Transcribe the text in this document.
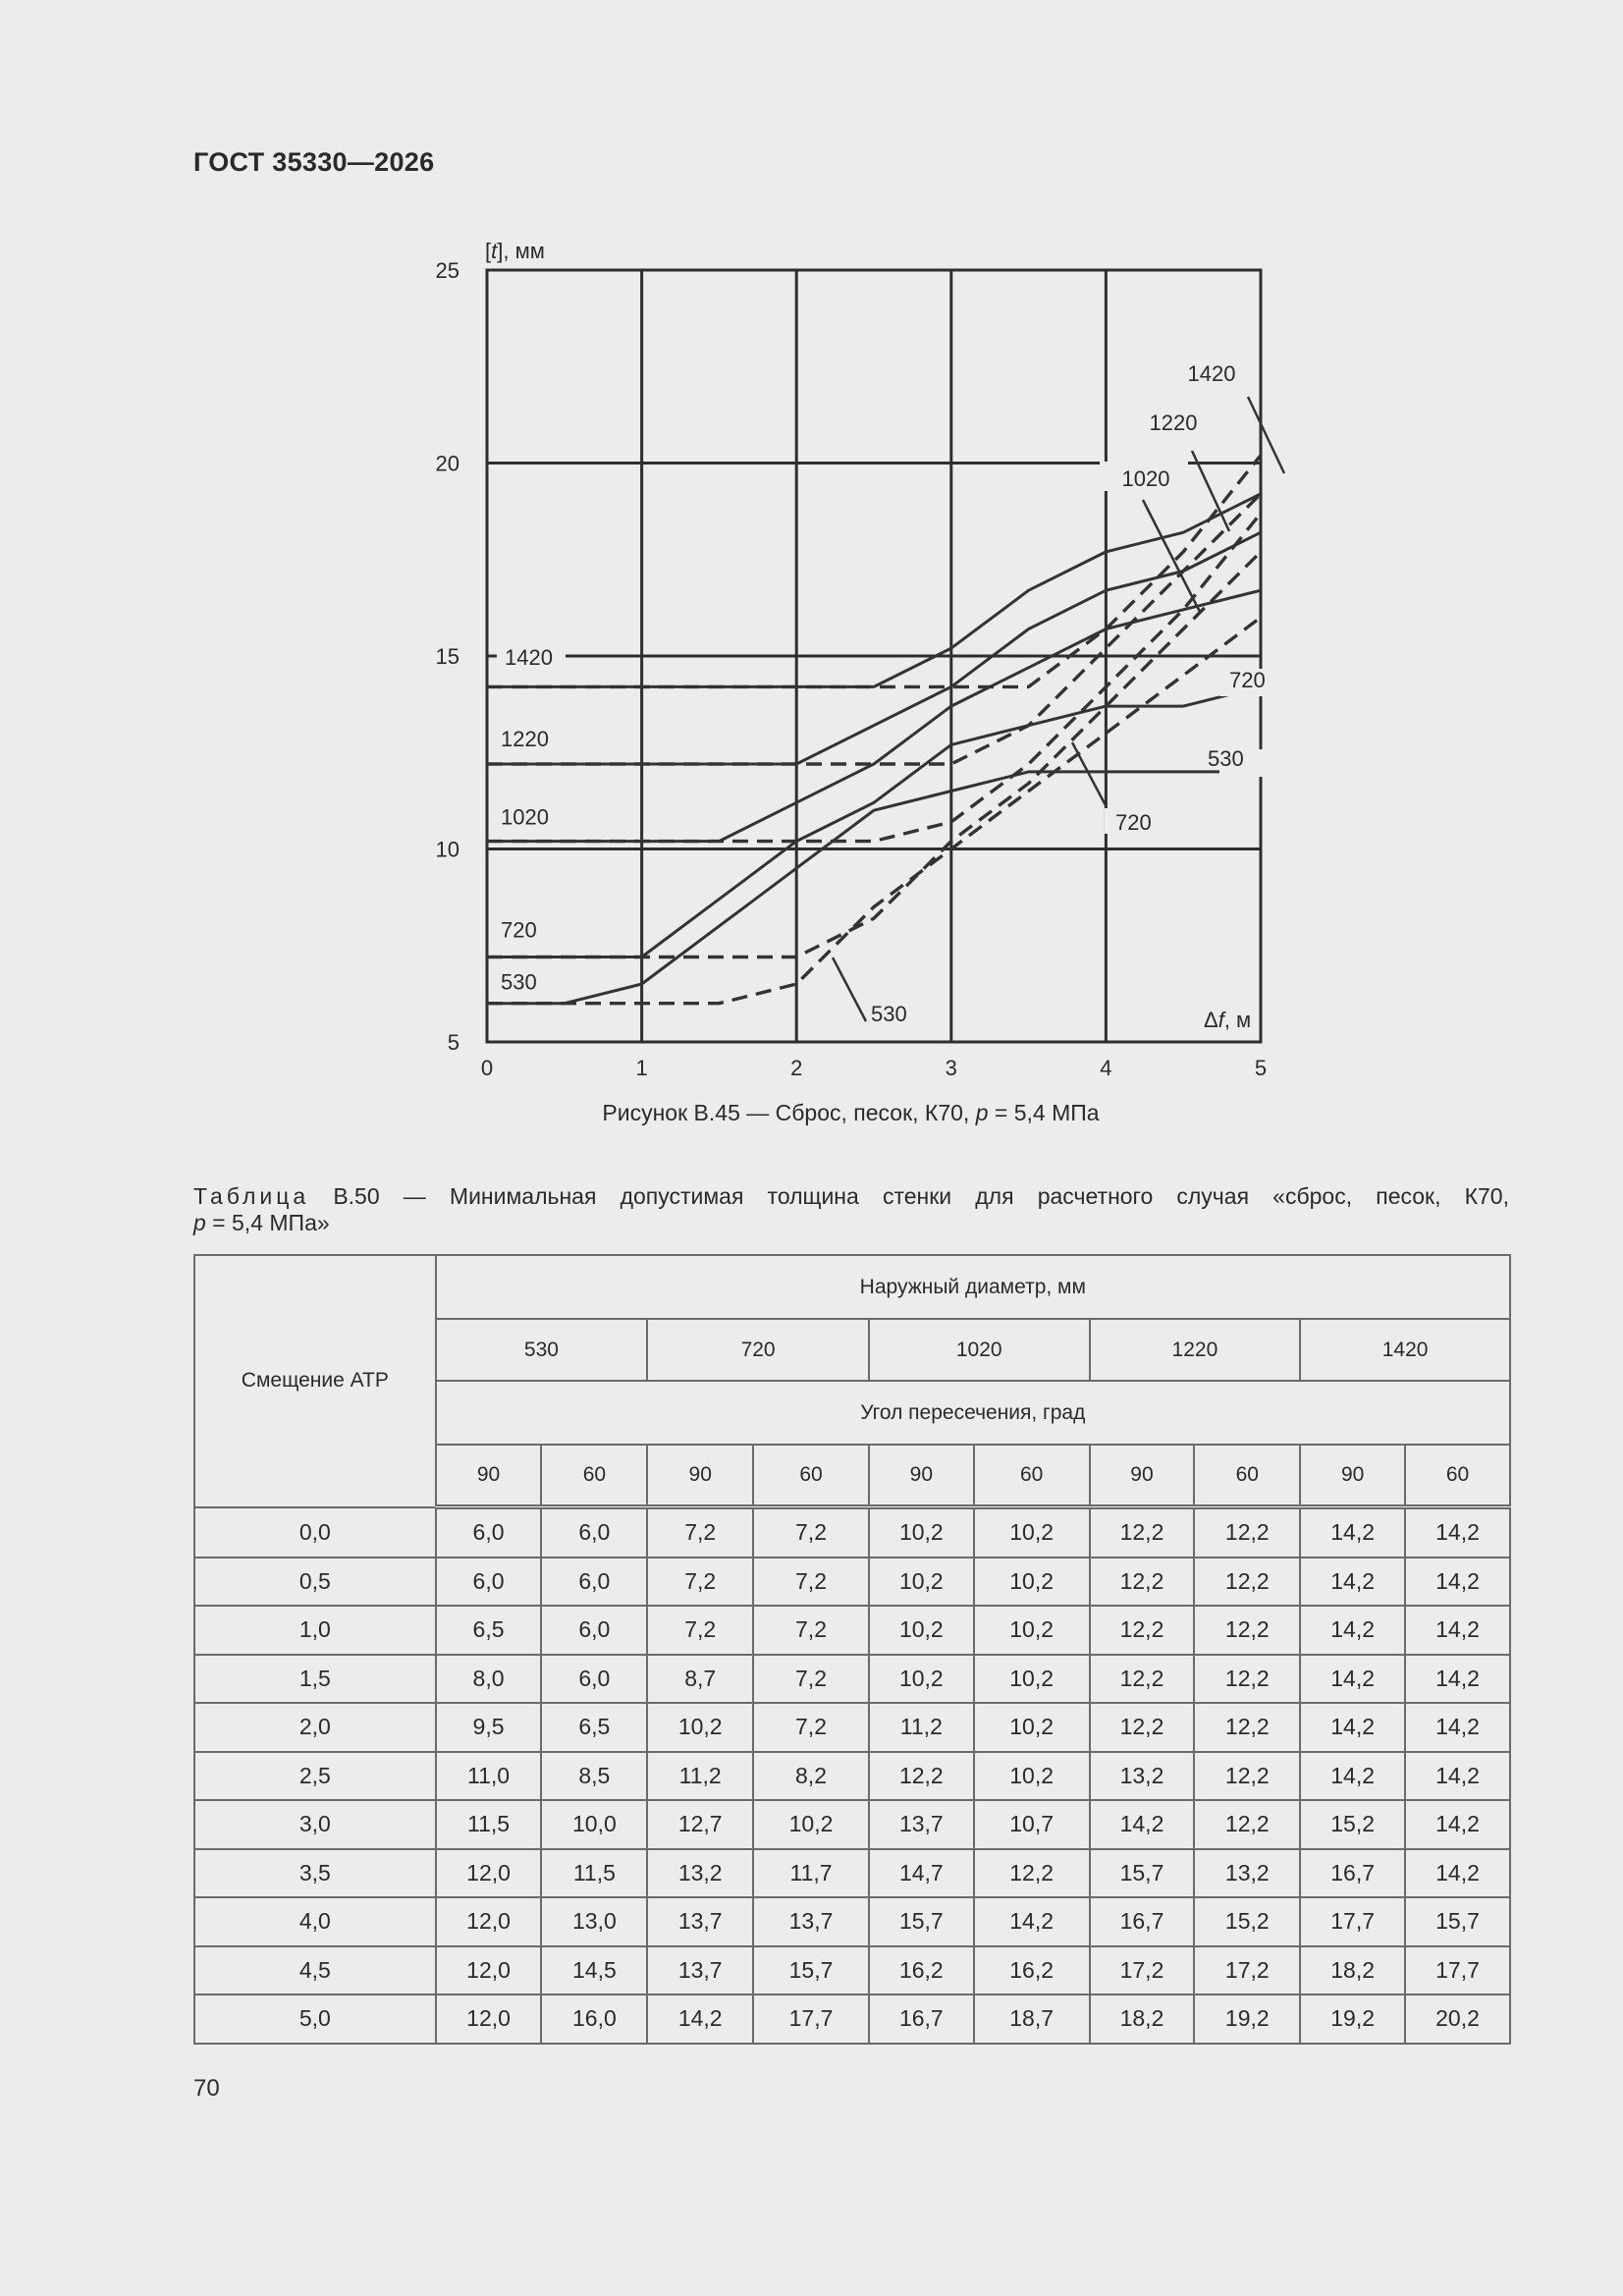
ГОСТ 35330—2026
0	1	2	3	4	5
5
10
15
20
25
[t], мм
Δf, м
1420
1220
1020
720
530
1420
1220
1020
720
530
720
530
Рисунок В.45 — Сброс, песок, К70, p = 5,4 МПа
Таблица В.50 — Минимальная допустимая толщина стенки для расчетного случая «сброс, песок, К70,
p = 5,4 МПа»
Смещение АТР	Наружный диаметр, мм									
	530		720		1020		1220		1420	
	Угол пересечения, град									
	90	60	90	60	90	60	90	60	90	60
0,0	6,0	6,0	7,2	7,2	10,2	10,2	12,2	12,2	14,2	14,2
0,5	6,0	6,0	7,2	7,2	10,2	10,2	12,2	12,2	14,2	14,2
1,0	6,5	6,0	7,2	7,2	10,2	10,2	12,2	12,2	14,2	14,2
1,5	8,0	6,0	8,7	7,2	10,2	10,2	12,2	12,2	14,2	14,2
2,0	9,5	6,5	10,2	7,2	11,2	10,2	12,2	12,2	14,2	14,2
2,5	11,0	8,5	11,2	8,2	12,2	10,2	13,2	12,2	14,2	14,2
3,0	11,5	10,0	12,7	10,2	13,7	10,7	14,2	12,2	15,2	14,2
3,5	12,0	11,5	13,2	11,7	14,7	12,2	15,7	13,2	16,7	14,2
4,0	12,0	13,0	13,7	13,7	15,7	14,2	16,7	15,2	17,7	15,7
4,5	12,0	14,5	13,7	15,7	16,2	16,2	17,2	17,2	18,2	17,7
5,0	12,0	16,0	14,2	17,7	16,7	18,7	18,2	19,2	19,2	20,2
70
